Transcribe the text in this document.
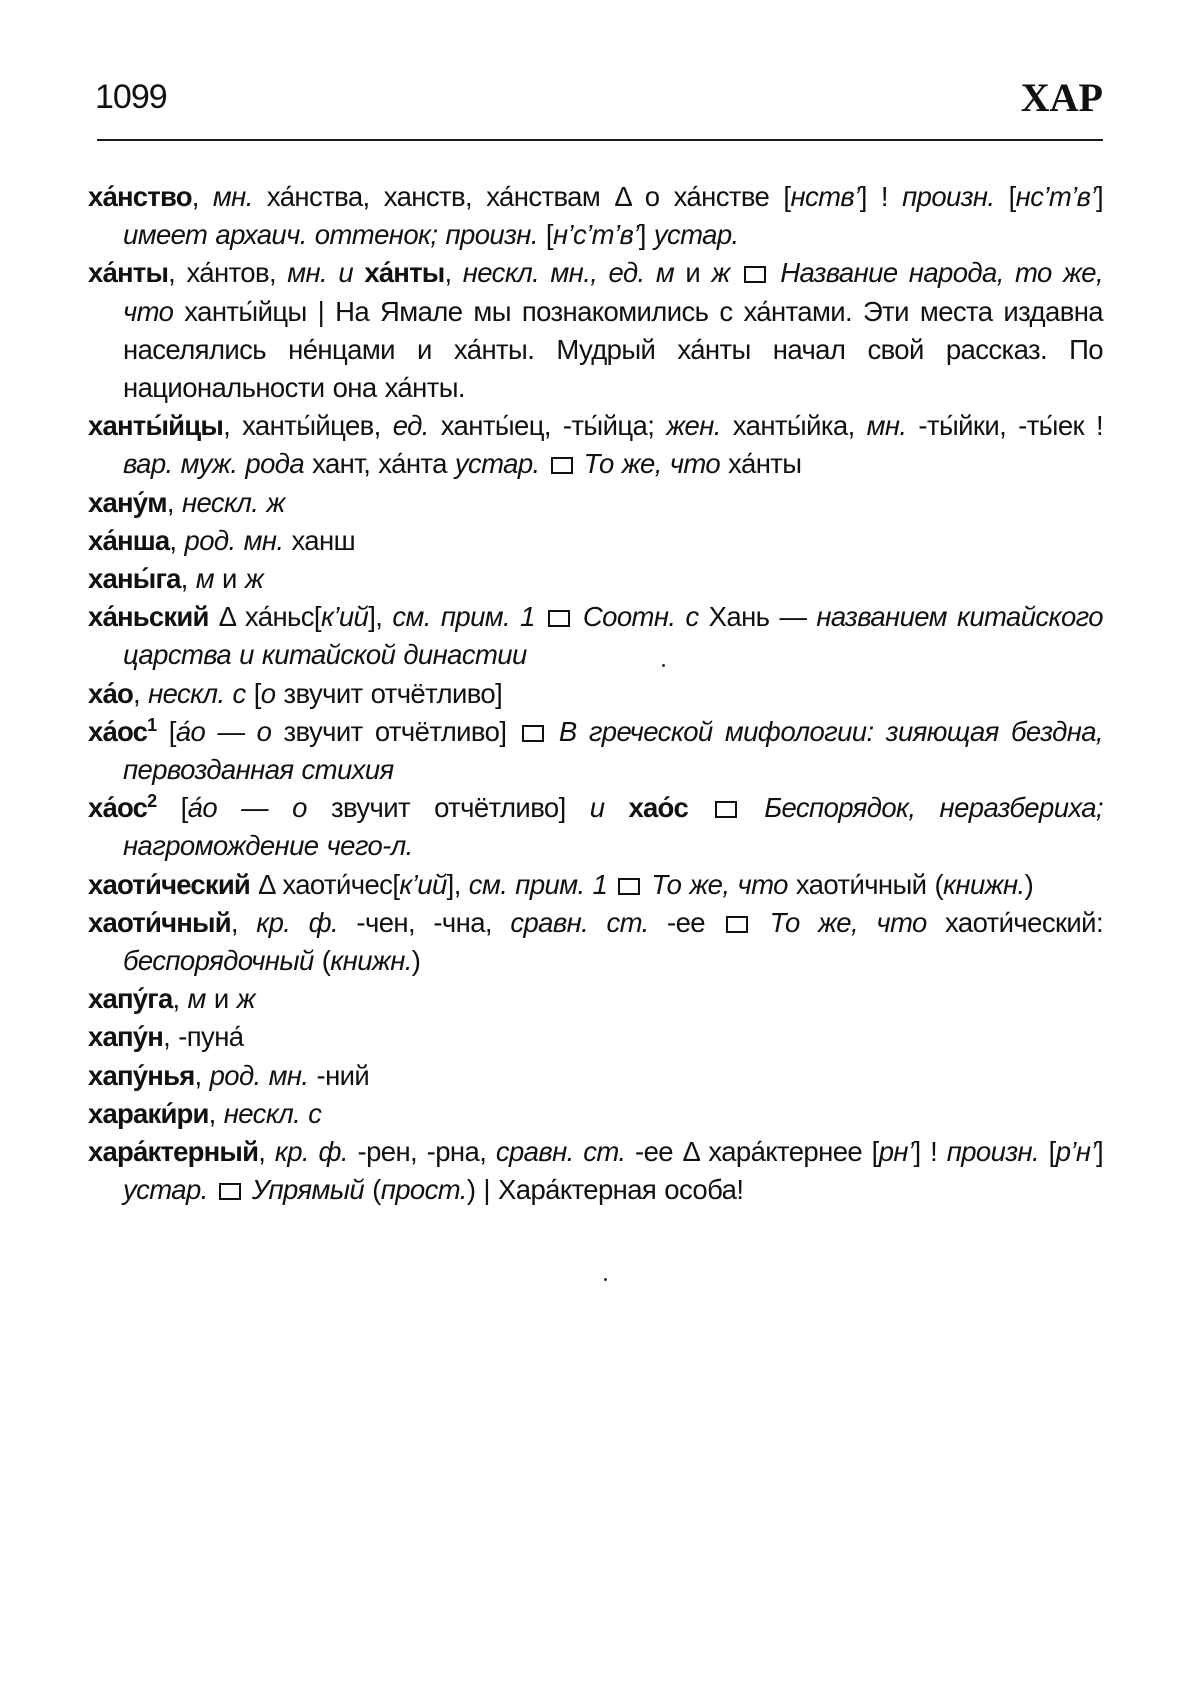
1099	ХАР
ха́нство, мн. ха́нства, ханств, ха́нствам Δ о ха́нстве [нств’] ! произн. [нс’т’в’] имеет архаич. оттенок; произн. [н’с’т’в’] устар.
ха́нты, ха́нтов, мн. и ха́нты, нескл. мн., ед. м и ж Название народа, то же, что ханты́йцы | На Ямале мы познакомились с ха́нтами. Эти места издавна населялись не́нцами и ха́нты. Мудрый ха́нты начал свой рассказ. По национальности она ха́нты.
ханты́йцы, ханты́йцев, ед. ханты́ец, -ты́йца; жен. ханты́йка, мн. -ты́йки, -ты́ек ! вар. муж. рода хант, ха́нта устар. То же, что ха́нты
хану́м, нескл. ж
ха́нша, род. мн. ханш
ханы́га, м и ж
ха́ньский Δ ха́ньс[к’ий], см. прим. 1 Соотн. с Хань — названием китайского царства и китайской династии
ха́о, нескл. с [о звучит отчётливо]
$ха́ос^1$ [а́о — о звучит отчётливо]  В греческой мифологии: зияющая бездна, первозданная стихия
$ха́ос^2$ [а́о — о звучит отчётливо] и хао́с	Беспорядок, неразбериха; нагромождение чего-л.
хаоти́ческий Δ хаоти́чес[к’ий], см. прим. 1 То же, что хаоти́чный (книжн.)
хаоти́чный, кр. ф. -чен, -чна, сравн. ст. -ее  То же, что хаоти́ческий: беспорядочный (книжн.)
хапу́га, м и ж
хапу́н, -пуна́
хапу́нья, род. мн. -ний
харaки́ри, нескл. с
хара́ктерный, кр. ф. -рен, -рна, сравн. ст. -ее Δ хара́ктернее [рн’] ! произн. [р’н’] устар. Упрямый (прост.) | Хара́ктерная особа!
